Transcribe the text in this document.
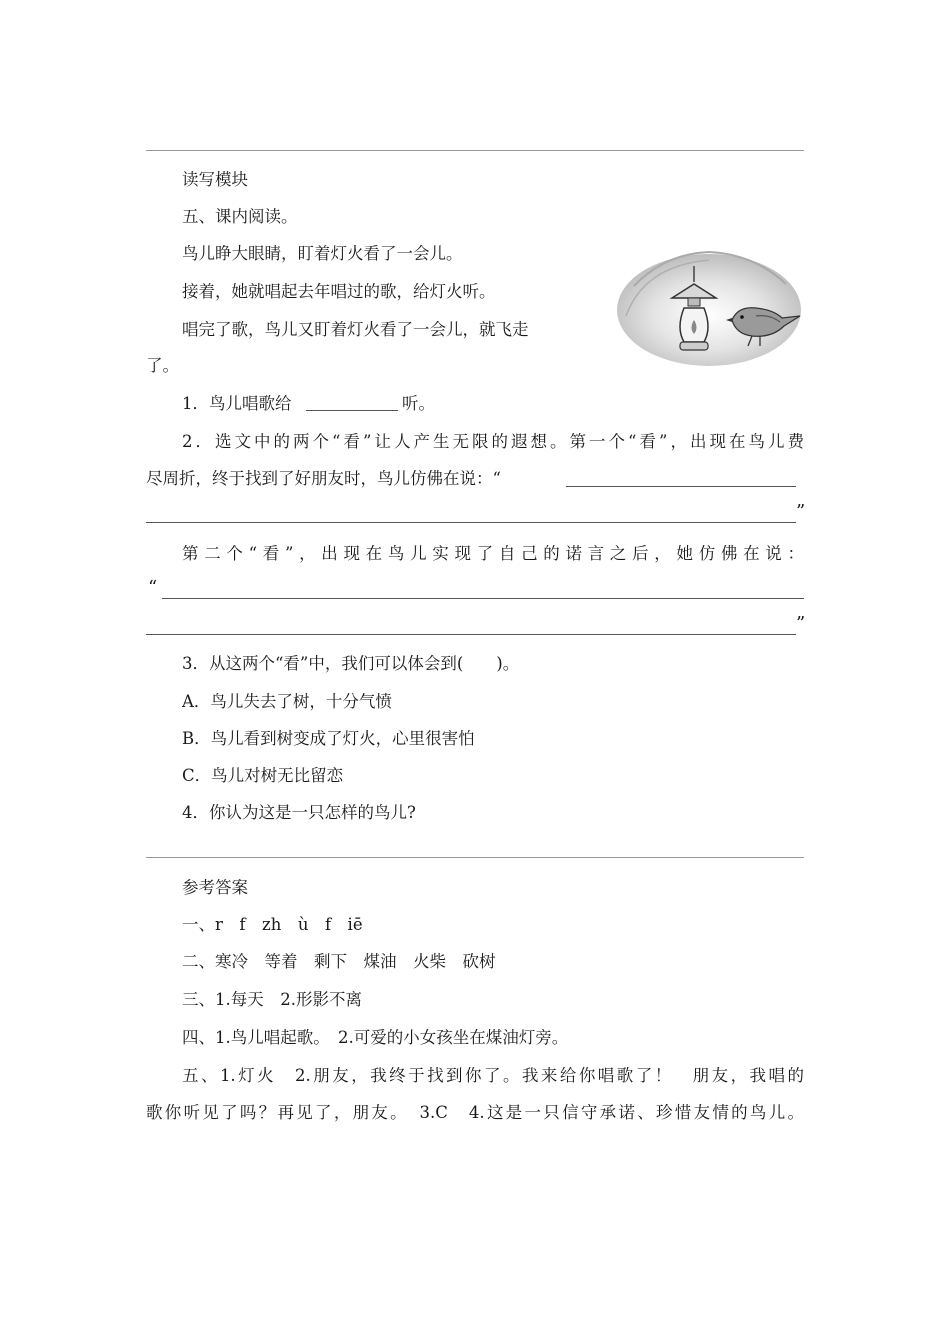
读写模块
五、课内阅读。
鸟儿睁大眼睛，盯着灯火看了一会儿。
接着，她就唱起去年唱过的歌，给灯火听。
唱完了歌，鸟儿又盯着灯火看了一会儿，就飞走
了。
1．鸟儿唱歌给	听。
2．选文中的两个“看”让人产生无限的遐想。第一个“看”，出现在鸟儿费
尽周折，终于找到了好朋友时，鸟儿仿佛在说：“
”
第二个“看”，出现在鸟儿实现了自己的诺言之后，她仿佛在说：
“
”
3．从这两个“看”中，我们可以体会到(　　)。
A．鸟儿失去了树，十分气愤
B．鸟儿看到树变成了灯火，心里很害怕
C．鸟儿对树无比留恋
4．你认为这是一只怎样的鸟儿?
参考答案
一、r　f　zh　ù　f　iē
二、寒冷　等着　剩下　煤油　火柴　砍树
三、1.每天　2.形影不离
四、1.鸟儿唱起歌。　2.可爱的小女孩坐在煤油灯旁。
五、1.灯火　2.朋友，我终于找到你了。我来给你唱歌了！　朋友，我唱的
歌你听见了吗？再见了，朋友。　3.C　4.这是一只信守承诺、珍惜友情的鸟儿。
